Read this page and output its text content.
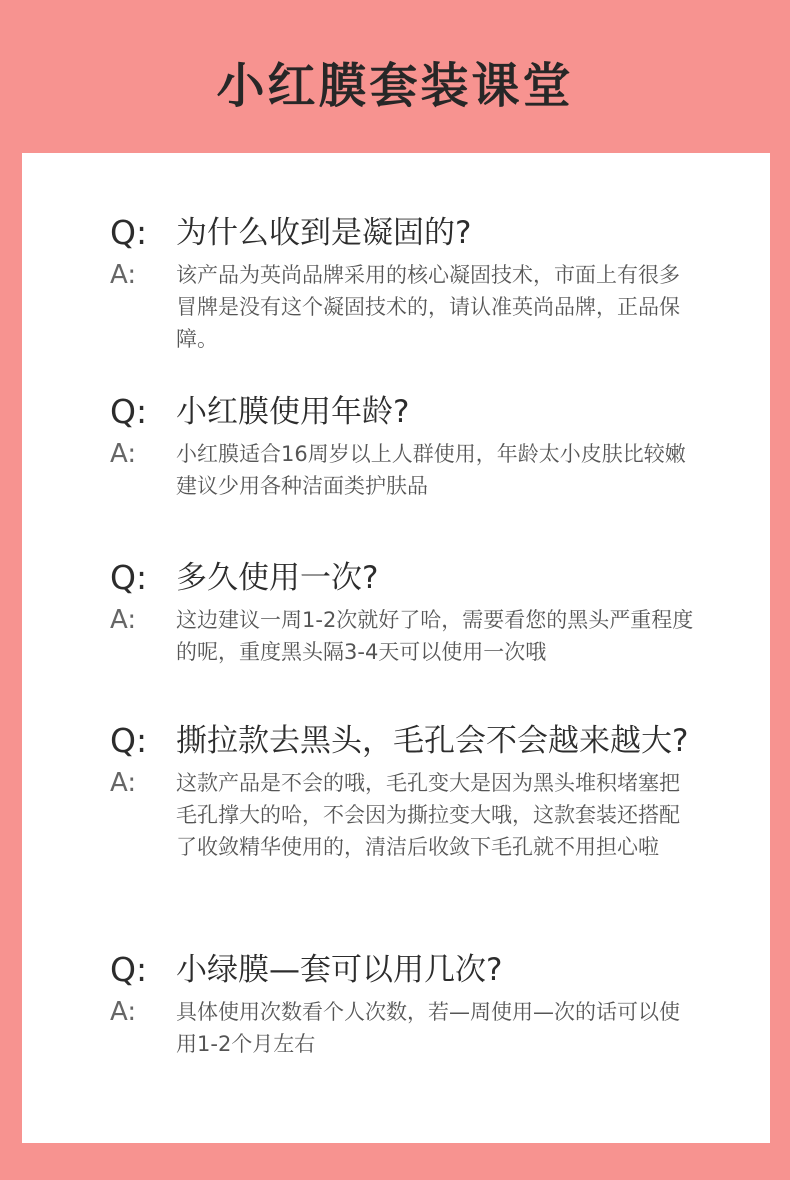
小红膜套装课堂
Q: 为什么收到是凝固的?
A:	该产品为英尚品牌采用的核心凝固技术，市面上有很多冒牌是没有这个凝固技术的，请认准英尚品牌，正品保障。
Q: 小红膜使用年龄?
A:	小红膜适合16周岁以上人群使用，年龄太小皮肤比较嫩建议少用各种洁面类护肤品
Q: 多久使用一次?
A:	这边建议一周1-2次就好了哈，需要看您的黑头严重程度的呢，重度黑头隔3-4天可以使用一次哦
Q: 撕拉款去黑头，毛孔会不会越来越大?
A:	这款产品是不会的哦，毛孔变大是因为黑头堆积堵塞把毛孔撑大的哈，不会因为撕拉变大哦，这款套装还搭配了收敛精华使用的，清洁后收敛下毛孔就不用担心啦
Q: 小绿膜—套可以用几次?
A:	具体使用次数看个人次数，若—周使用—次的话可以使用1-2个月左右
